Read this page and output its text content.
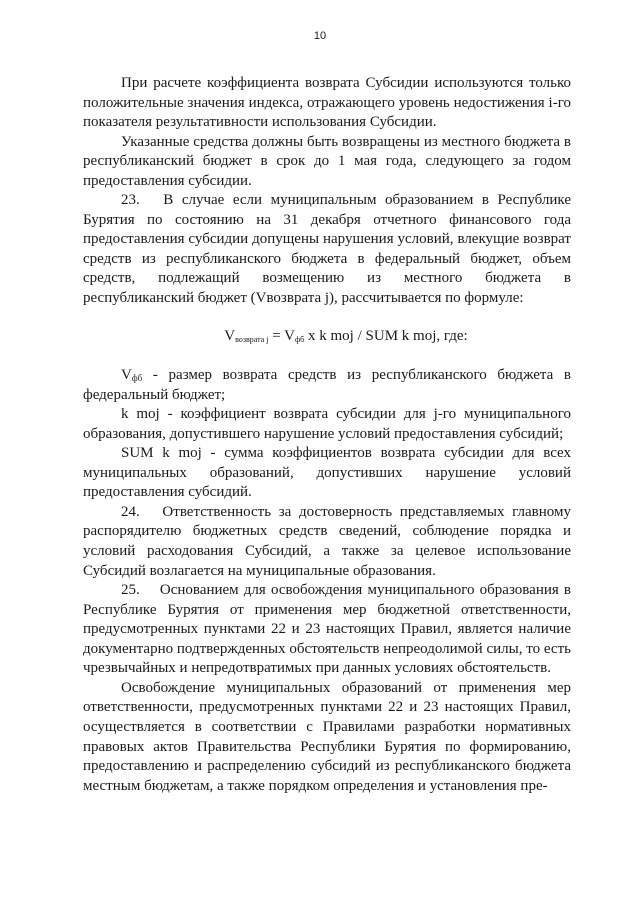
10

При расчете коэффициента возврата Субсидии используются только положительные значения индекса, отражающего уровень недостижения i-го показателя результативности использования Субсидии.

Указанные средства должны быть возвращены из местного бюджета в республиканский бюджет в срок до 1 мая года, следующего за годом предоставления субсидии.

23.  В случае если муниципальным образованием в Республике Бурятия по состоянию на 31 декабря отчетного финансового года предоставления субсидии допущены нарушения условий, влекущие возврат средств из республиканского бюджета в федеральный бюджет, объем средств, подлежащий возмещению из местного бюджета в республиканский бюджет (Vвозврата j), рассчитывается по формуле:

$V_{возврата j} = V_{фб}$ x k moj / SUM k moj, где:

$V_{фб}$ - размер возврата средств из республиканского бюджета в федеральный бюджет;

k moj - коэффициент возврата субсидии для j-го муниципального образования, допустившего нарушение условий предоставления субсидий;

SUM k moj - сумма коэффициентов возврата субсидии для всех муниципальных образований, допустивших нарушение условий предоставления субсидий.

24.  Ответственность за достоверность представляемых главному распорядителю бюджетных средств сведений, соблюдение порядка и условий расходования Субсидий, а также за целевое использование Субсидий возлагается на муниципальные образования.

25.  Основанием для освобождения муниципального образования в Республике Бурятия от применения мер бюджетной ответственности, предусмотренных пунктами 22 и 23 настоящих Правил, является наличие документарно подтвержденных обстоятельств непреодолимой силы, то есть чрезвычайных и непредотвратимых при данных условиях обстоятельств.

Освобождение муниципальных образований от применения мер ответственности, предусмотренных пунктами 22 и 23 настоящих Правил, осуществляется в соответствии с Правилами разработки нормативных правовых актов Правительства Республики Бурятия по формированию, предоставлению и распределению субсидий из республиканского бюджета местным бюджетам, а также порядком определения и установления пре-
